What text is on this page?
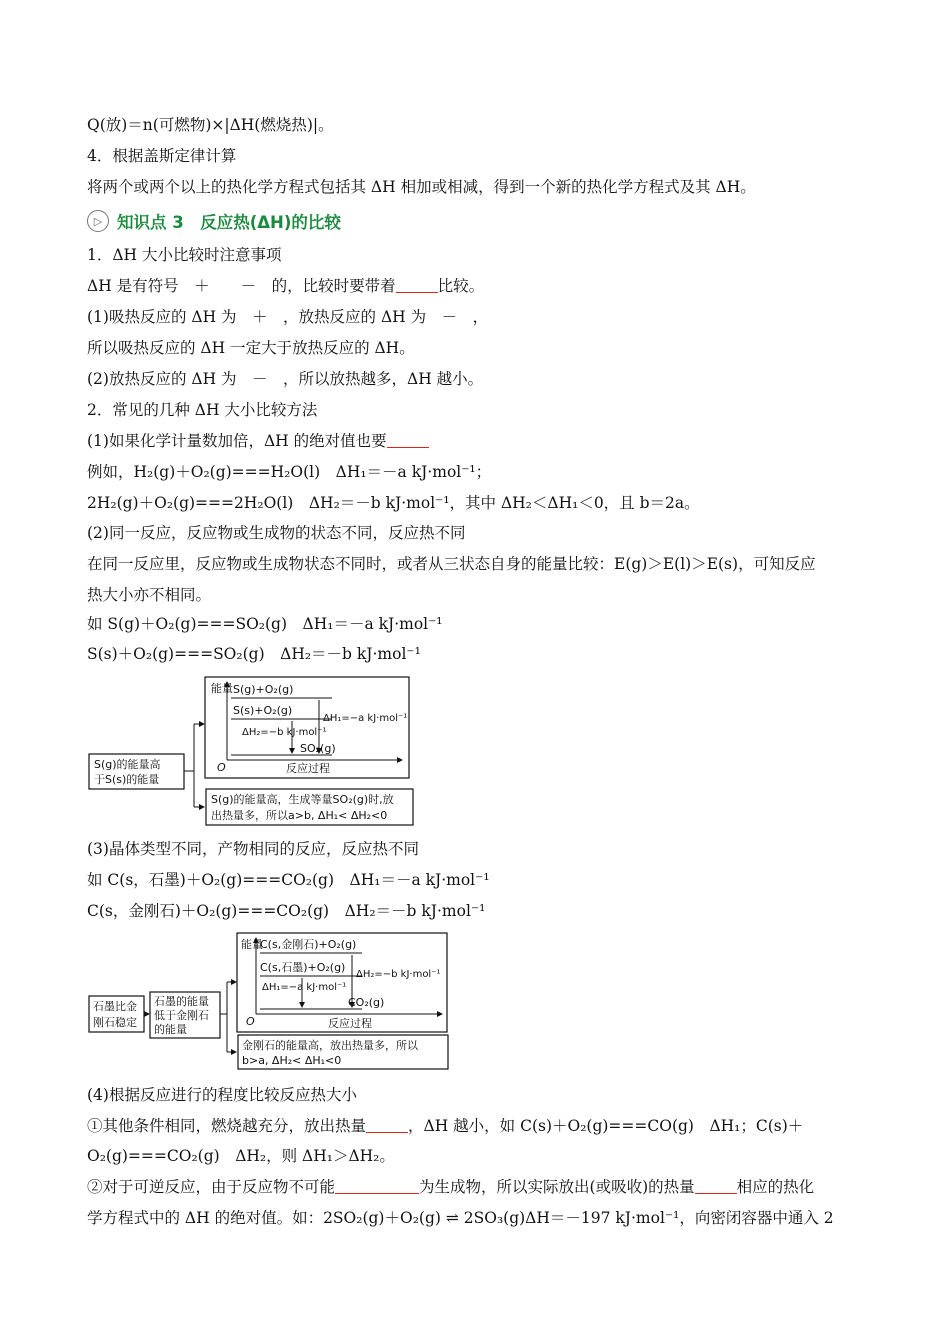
Q(放)＝n(可燃物)×|ΔH(燃烧热)|。
4．根据盖斯定律计算
将两个或两个以上的热化学方程式包括其 ΔH 相加或相减，得到一个新的热化学方程式及其 ΔH。
▷ 知识点 3　反应热(ΔH)的比较
1．ΔH 大小比较时注意事项
ΔH 是有符号　＋　　－　的，比较时要带着	比较。
(1)吸热反应的 ΔH 为　＋　，放热反应的 ΔH 为　－　，
所以吸热反应的 ΔH 一定大于放热反应的 ΔH。
(2)放热反应的 ΔH 为　－　，所以放热越多，ΔH 越小。
2．常见的几种 ΔH 大小比较方法
(1)如果化学计量数加倍，ΔH 的绝对值也要
例如，H₂(g)＋O₂(g)===H₂O(l)　ΔH₁＝－a kJ·mol⁻¹；
2H₂(g)＋O₂(g)===2H₂O(l)　ΔH₂＝－b kJ·mol⁻¹，其中 ΔH₂＜ΔH₁＜0，且 b＝2a。
(2)同一反应，反应物或生成物的状态不同，反应热不同
在同一反应里，反应物或生成物状态不同时，或者从三状态自身的能量比较：E(g)＞E(l)＞E(s)，可知反应
热大小亦不相同。
如 S(g)＋O₂(g)===SO₂(g)　ΔH₁＝－a kJ·mol⁻¹
S(s)＋O₂(g)===SO₂(g)　ΔH₂＝－b kJ·mol⁻¹
能量
O
S(g)+O₂(g)
S(s)+O₂(g)
SO₂(g)
ΔH₁=−a kJ·mol⁻¹
ΔH₂=−b kJ·mol⁻¹
反应过程
S(g)的能量高
于S(s)的能量
S(g)的能量高，生成等量SO₂(g)时,放
出热量多，所以a>b, ΔH₁< ΔH₂<0
(3)晶体类型不同，产物相同的反应，反应热不同
如 C(s，石墨)＋O₂(g)===CO₂(g)　ΔH₁＝－a kJ·mol⁻¹
C(s，金刚石)＋O₂(g)===CO₂(g)　ΔH₂＝－b kJ·mol⁻¹
能量
O
C(s,金刚石)+O₂(g)
C(s,石墨)+O₂(g)
CO₂(g)
ΔH₂=−b kJ·mol⁻¹
ΔH₁=−a kJ·mol⁻¹
反应过程
石墨比金
刚石稳定
石墨的能量
低于金刚石
的能量
金刚石的能量高，放出热量多，所以
b>a, ΔH₂< ΔH₁<0
(4)根据反应进行的程度比较反应热大小
①其他条件相同，燃烧越充分，放出热量	，ΔH 越小，如 C(s)＋O₂(g)===CO(g)　ΔH₁；C(s)＋
O₂(g)===CO₂(g)　ΔH₂，则 ΔH₁＞ΔH₂。
②对于可逆反应，由于反应物不可能	为生成物，所以实际放出(或吸收)的热量	相应的热化
学方程式中的 ΔH 的绝对值。如：2SO₂(g)＋O₂(g) ⇌ 2SO₃(g)ΔH＝－197 kJ·mol⁻¹，向密闭容器中通入 2
